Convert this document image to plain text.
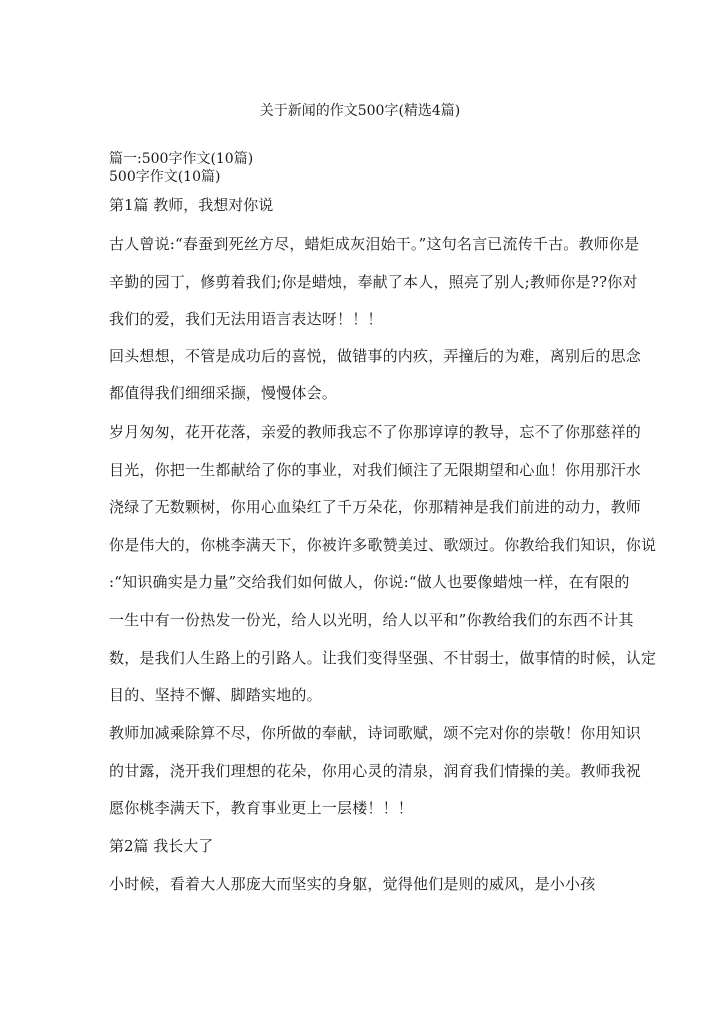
关于新闻的作文500字(精选4篇)
篇一:500字作文(10篇)
500字作文(10篇)
第1篇 教师，我想对你说
古人曾说:“春蚕到死丝方尽，蜡炬成灰泪始干。”这句名言已流传千古。教师你是
辛勤的园丁，修剪着我们;你是蜡烛，奉献了本人，照亮了别人;教师你是??你对
我们的爱，我们无法用语言表达呀！！！
回头想想，不管是成功后的喜悦，做错事的内疚，弄撞后的为难，离别后的思念
都值得我们细细采撷，慢慢体会。
岁月匆匆，花开花落，亲爱的教师我忘不了你那谆谆的教导，忘不了你那慈祥的
目光，你把一生都献给了你的事业，对我们倾注了无限期望和心血！你用那汗水
浇绿了无数颗树，你用心血染红了千万朵花，你那精神是我们前进的动力，教师
你是伟大的，你桃李满天下，你被许多歌赞美过、歌颂过。你教给我们知识，你说
:“知识确实是力量”交给我们如何做人，你说:“做人也要像蜡烛一样，在有限的
一生中有一份热发一份光，给人以光明，给人以平和”你教给我们的东西不计其
数，是我们人生路上的引路人。让我们变得坚强、不甘弱士，做事情的时候，认定
目的、坚持不懈、脚踏实地的。
教师加减乘除算不尽，你所做的奉献，诗词歌赋，颂不完对你的崇敬！你用知识
的甘露，浇开我们理想的花朵，你用心灵的清泉，润育我们情操的美。教师我祝
愿你桃李满天下，教育事业更上一层楼！！！
第2篇 我长大了
小时候，看着大人那庞大而坚实的身躯，觉得他们是则的威风，是小小孩
